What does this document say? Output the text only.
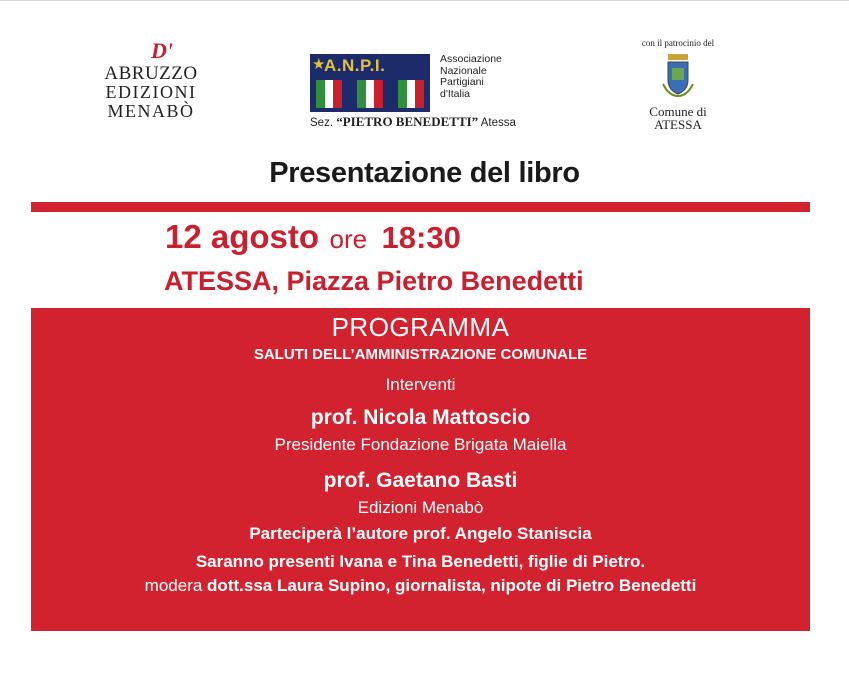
D'
ABRUZZO
EDIZIONI
MENABÒ
★
A.N.P.I.	Associazione
Nazionale
Partigiani
d'Italia
Sez. “PIETRO BENEDETTI” Atessa
con il patrocinio del
Comune di
ATESSA
Presentazione del libro
12 agosto ore 18:30
ATESSA, Piazza Pietro Benedetti
PROGRAMMA
SALUTI DELL’AMMINISTRAZIONE COMUNALE
Interventi
prof. Nicola Mattoscio
Presidente Fondazione Brigata Maiella
prof. Gaetano Basti
Edizioni Menabò
Parteciperà l’autore prof. Angelo Staniscia
Saranno presenti Ivana e Tina Benedetti, figlie di Pietro.
modera dott.ssa Laura Supino, giornalista, nipote di Pietro Benedetti
